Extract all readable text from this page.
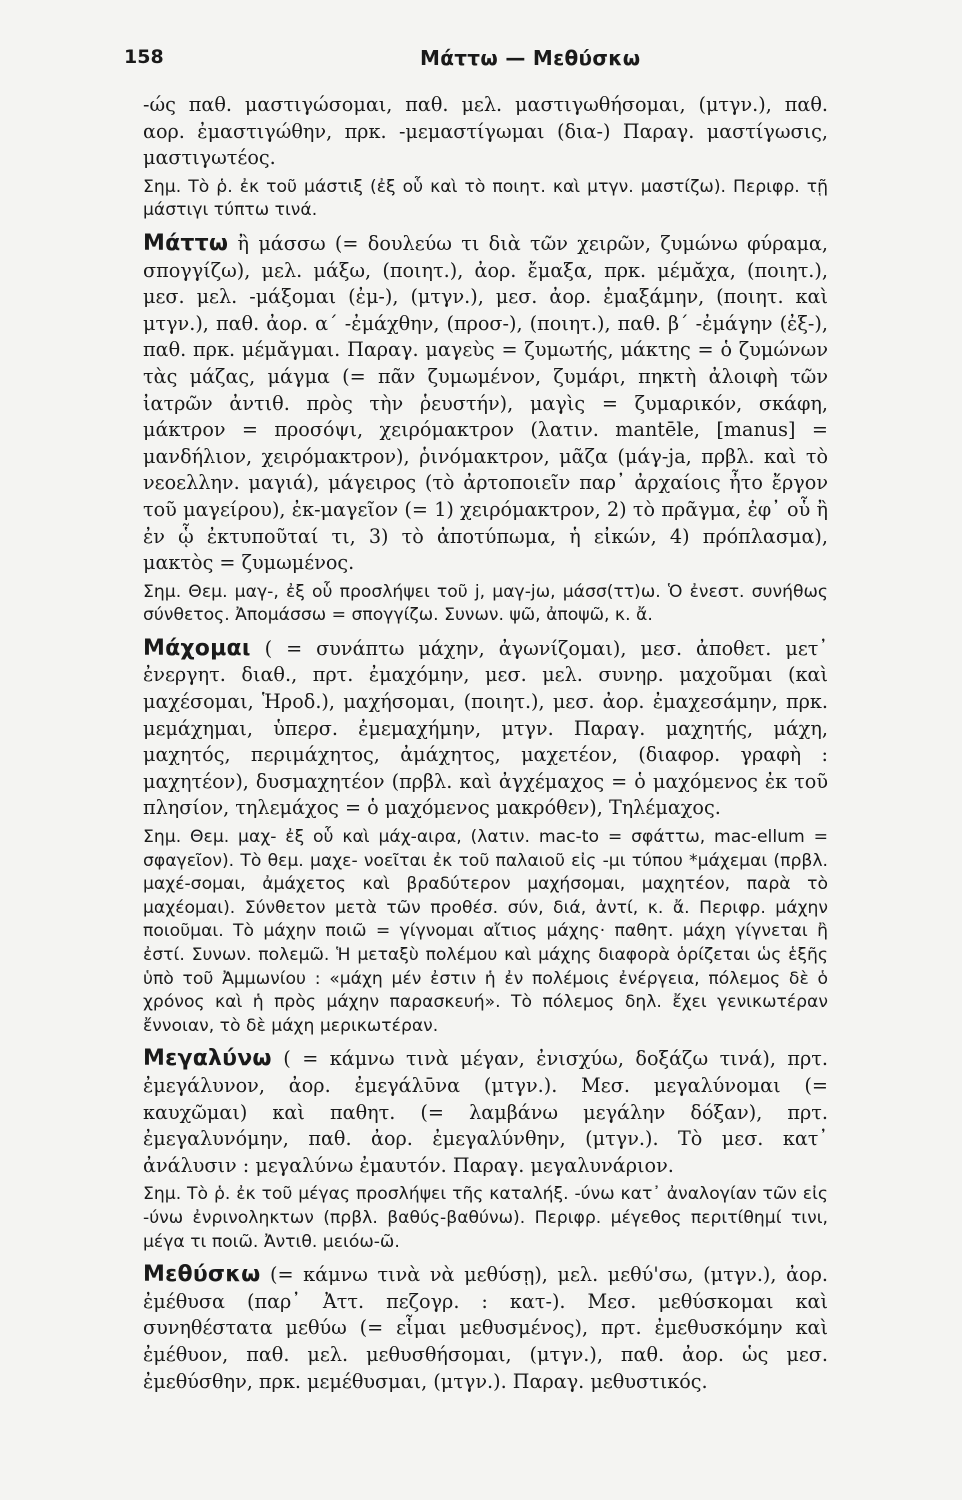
158	Μάττω — Μεθύσκω

-ώς παθ. μαστιγώσομαι, παθ. μελ. μαστιγωθήσομαι, (μτγν.), παθ. αορ. ἐμαστιγώθην, πρκ. -μεμαστίγωμαι (δια-) Παραγ. μαστίγωσις, μαστιγωτέος.

Σημ. Τὸ ῥ. ἐκ τοῦ μάστιξ (ἐξ οὗ καὶ τὸ ποιητ. καὶ μτγν. μαστίζω). Περιφρ. τῇ μάστιγι τύπτω τινά.

Μάττω ἢ μάσσω (= δουλεύω τι διὰ τῶν χειρῶν, ζυμώνω φύραμα, σπογγίζω), μελ. μάξω, (ποιητ.), ἀορ. ἔμαξα, πρκ. μέμᾰχα, (ποιητ.), μεσ. μελ. -μάξομαι (ἐμ-), (μτγν.), μεσ. ἀορ. ἐμαξάμην, (ποιητ. καὶ μτγν.), παθ. ἀορ. α΄ -ἐμάχθην, (προσ-), (ποιητ.), παθ. β΄ -ἐμάγην (ἐξ-), παθ. πρκ. μέμᾰγμαι. Παραγ. μαγεὺς = ζυμωτής, μάκτης = ὁ ζυμώνων τὰς μάζας, μάγμα (= πᾶν ζυμωμένον, ζυμάρι, πηκτὴ ἀλοιφὴ τῶν ἰατρῶν ἀντιθ. πρὸς τὴν ῥευστήν), μαγὶς = ζυμαρικόν, σκάφη, μάκτρον = προσόψι, χειρόμακτρον (λατιν. mantēle, [manus] = μανδήλιον, χειρόμακτρον), ῥινόμακτρον, μᾶζα (μάγ-ja, πρβλ. καὶ τὸ νεοελλην. μαγιά), μάγειρος (τὸ ἀρτοποιεῖν παρ᾽ ἀρχαίοις ἦτο ἔργον τοῦ μαγείρου), ἐκ-μαγεῖον (= 1) χειρόμακτρον, 2) τὸ πρᾶγμα, ἐφ᾽ οὗ ἢ ἐν ᾧ ἐκτυποῦταί τι, 3) τὸ ἀποτύπωμα, ἡ εἰκών, 4) πρόπλασμα), μακτὸς = ζυμωμένος.

Σημ. Θεμ. μαγ-, ἐξ οὗ προσλήψει τοῦ j, μαγ-jω, μάσσ(ττ)ω. Ὁ ἐνεστ. συνήθως σύνθετος. Ἀπομάσσω = σπογγίζω. Συνων. ψῶ, ἀποψῶ, κ. ἄ.

Μάχομαι ( = συνάπτω μάχην, ἀγωνίζομαι), μεσ. ἀποθετ. μετ᾽ ἐνεργητ. διαθ., πρτ. ἐμαχόμην, μεσ. μελ. συνηρ. μαχοῦμαι (καὶ μαχέσομαι, Ἡροδ.), μαχήσομαι, (ποιητ.), μεσ. ἀορ. ἐμαχεσάμην, πρκ. μεμάχημαι, ὑπερσ. ἐμεμαχήμην, μτγν. Παραγ. μαχητής, μάχη, μαχητός, περιμάχητος, ἀμάχητος, μαχετέον, (διαφορ. γραφὴ : μαχητέον), δυσμαχητέον (πρβλ. καὶ ἀγχέμαχος = ὁ μαχόμενος ἐκ τοῦ πλησίον, τηλεμάχος = ὁ μαχόμενος μακρόθεν), Τηλέμαχος.

Σημ. Θεμ. μαχ- ἐξ οὗ καὶ μάχ-αιρα, (λατιν. mac-to = σφάττω, mac-ellum = σφαγεῖον). Τὸ θεμ. μαχε- νοεῖται ἐκ τοῦ παλαιοῦ εἰς -μι τύπου *μάχεμαι (πρβλ. μαχέ-σομαι, ἀμάχετος καὶ βραδύτερον μαχήσομαι, μαχητέον, παρὰ τὸ μαχέομαι). Σύνθετον μετὰ τῶν προθέσ. σύν, διά, ἀντί, κ. ἄ. Περιφρ. μάχην ποιοῦμαι. Τὸ μάχην ποιῶ = γίγνομαι αἴτιος μάχης· παθητ. μάχη γίγνεται ἢ ἐστί. Συνων. πολεμῶ. Ἡ μεταξὺ πολέμου καὶ μάχης διαφορὰ ὁρίζεται ὡς ἑξῆς ὑπὸ τοῦ Ἀμμωνίου : «μάχη μέν ἐστιν ἡ ἐν πολέμοις ἐνέργεια, πόλεμος δὲ ὁ χρόνος καὶ ἡ πρὸς μάχην παρασκευή». Τὸ πόλεμος δηλ. ἔχει γενικωτέραν ἔννοιαν, τὸ δὲ μάχη μερικωτέραν.

Μεγαλύνω ( = κάμνω τινὰ μέγαν, ἐνισχύω, δοξάζω τινά), πρτ. ἐμεγάλυνον, ἀορ. ἐμεγάλῡνα (μτγν.). Μεσ. μεγαλύνομαι (= καυχῶμαι) καὶ παθητ. (= λαμβάνω μεγάλην δόξαν), πρτ. ἐμεγαλυνόμην, παθ. ἀορ. ἐμεγαλύνθην, (μτγν.). Τὸ μεσ. κατ᾽ ἀνάλυσιν : μεγαλύνω ἐμαυτόν. Παραγ. μεγαλυνάριον.

Σημ. Τὸ ῥ. ἐκ τοῦ μέγας προσλήψει τῆς καταλήξ. -ύνω κατ᾽ ἀναλογίαν τῶν εἰς -ύνω ἐνρινοληκτων (πρβλ. βαθύς-βαθύνω). Περιφρ. μέγεθος περιτίθημί τινι, μέγα τι ποιῶ. Ἀντιθ. μειόω-ῶ.

Μεθύσκω (= κάμνω τινὰ νὰ μεθύσῃ), μελ. μεθύ'σω, (μτγν.), ἀορ. ἐμέθυσα (παρ᾽ Ἀττ. πεζογρ. : κατ-). Μεσ. μεθύσκομαι καὶ συνηθέστατα μεθύω (= εἶμαι μεθυσμένος), πρτ. ἐμεθυσκόμην καὶ ἐμέθυον, παθ. μελ. μεθυσθήσομαι, (μτγν.), παθ. ἀορ. ὡς μεσ. ἐμεθύσθην, πρκ. μεμέθυσμαι, (μτγν.). Παραγ. μεθυστικός.
